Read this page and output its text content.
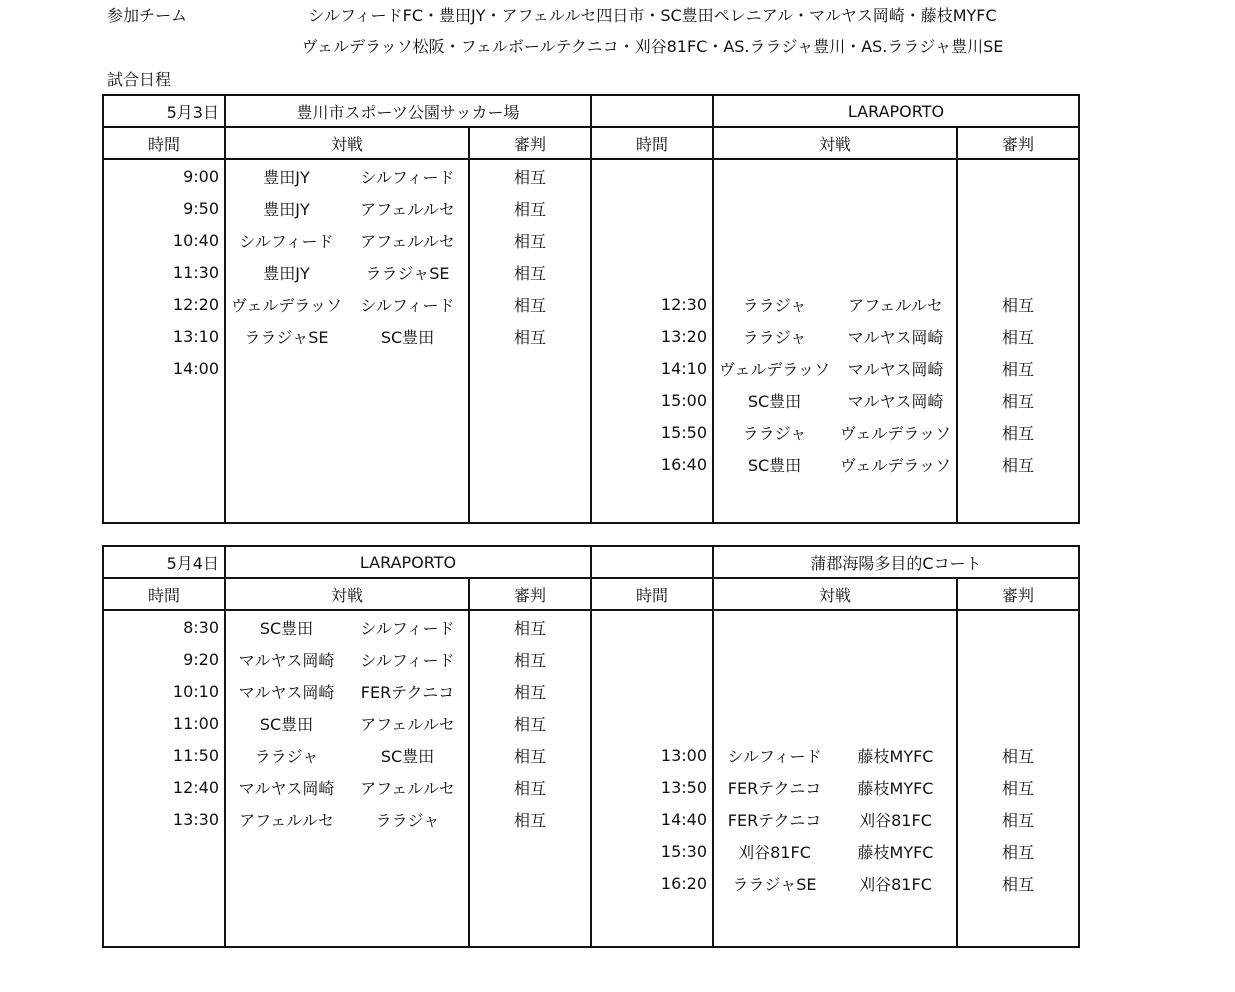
参加チーム	シルフィードFC・豊田JY・アフェルルセ四日市・SC豊田ペレニアル・マルヤス岡崎・藤枝MYFC
ヴェルデラッソ松阪・フェルボールテクニコ・刈谷81FC・AS.ララジャ豊川・AS.ララジャ豊川SE
試合日程
5月3日	豊川市スポーツ公園サッカー場				LARAPORTO		
時間	対戦		審判	時間	対戦		審判
9:00	豊田JY	シルフィード	相互				
9:50	豊田JY	アフェルルセ	相互				
10:40	シルフィード	アフェルルセ	相互				
11:30	豊田JY	ララジャSE	相互				
12:20	ヴェルデラッソ	シルフィード	相互	12:30	ララジャ	アフェルルセ	相互
13:10	ララジャSE	SC豊田	相互	13:20	ララジャ	マルヤス岡崎	相互
14:00				14:10	ヴェルデラッソ	マルヤス岡崎	相互
				15:00	SC豊田	マルヤス岡崎	相互
				15:50	ララジャ	ヴェルデラッソ	相互
				16:40	SC豊田	ヴェルデラッソ	相互

5月4日	LARAPORTO				蒲郡海陽多目的Cコート		
時間	対戦		審判	時間	対戦		審判
8:30	SC豊田	シルフィード	相互				
9:20	マルヤス岡崎	シルフィード	相互				
10:10	マルヤス岡崎	FERテクニコ	相互				
11:00	SC豊田	アフェルルセ	相互				
11:50	ララジャ	SC豊田	相互	13:00	シルフィード	藤枝MYFC	相互
12:40	マルヤス岡崎	アフェルルセ	相互	13:50	FERテクニコ	藤枝MYFC	相互
13:30	アフェルルセ	ララジャ	相互	14:40	FERテクニコ	刈谷81FC	相互
				15:30	刈谷81FC	藤枝MYFC	相互
				16:20	ララジャSE	刈谷81FC	相互
